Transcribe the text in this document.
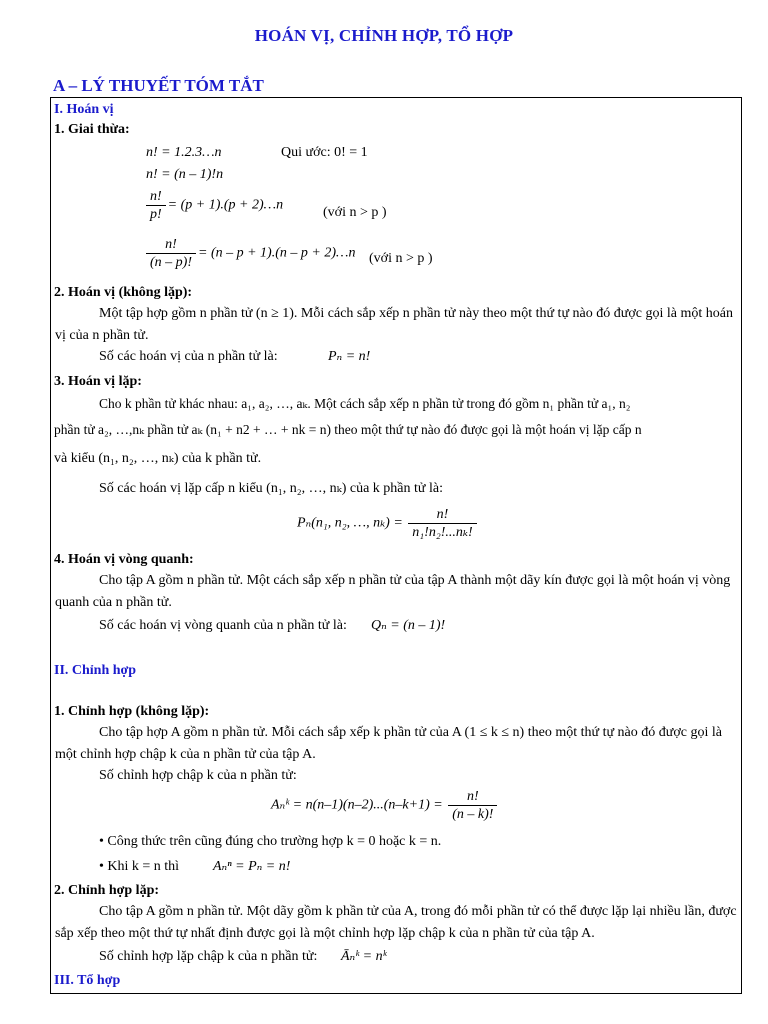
HOÁN VỊ, CHỈNH HỢP, TỔ HỢP
A – LÝ THUYẾT TÓM TẮT
I. Hoán vị
1. Giai thừa:
n! = 1.2.3…n	Qui ước: 0! = 1
n! = (n – 1)!n
$\frac{n!}{p!} = (p + 1).(p$ + 2)…n	(với n > p )
$\frac{n!}{(n - p)!} = (n - p + 1).(n - p$ + 2)…n (với n > p )
2. Hoán vị (không lặp):
Một tập hợp gồm n phần tử (n ≥ 1). Mỗi cách sắp xếp n phần tử này theo một thứ tự nào đó được gọi là một hoán vị của n phần tử.
Số các hoán vị của n phần tử là:	Pₙ = n!
3. Hoán vị lặp:
Cho k phần tử khác nhau: a₁, a₂, …, aₖ. Một cách sắp xếp n phần tử trong đó gồm n₁ phần tử a₁, n₂
phần tử a₂, …,nₖ phần tử aₖ (n₁ + n2 + … + nk = n) theo một thứ tự nào đó được gọi là một hoán vị lặp cấp n
và kiểu (n₁, n₂, …, nₖ) của k phần tử.
Số các hoán vị lặp cấp n kiểu (n₁, n₂, …, nₖ) của k phần tử là:
Pₙ(n₁, n₂, …, $n_k) = \frac{n!}{\text{n₁!n₂!...nₖ!}}$
4. Hoán vị vòng quanh:
Cho tập A gồm n phần tử. Một cách sắp xếp n phần tử của tập A thành một dãy kín được gọi là một hoán vị vòng quanh của n phần tử.
Số các hoán vị vòng quanh của n phần tử là: Qₙ = (n – 1)!
II. Chỉnh hợp
1. Chỉnh hợp (không lặp):
Cho tập hợp A gồm n phần tử. Mỗi cách sắp xếp k phần tử của A (1 ≤ k ≤ n) theo một thứ tự nào đó được gọi là một chỉnh hợp chập k của n phần tử của tập A.
Số chỉnh hợp chập k của n phần tử:
Aₙᵏ = $n(n-1)(n-2)...(n-k+1) = \frac{n!}{(n - k)!}$
• Công thức trên cũng đúng cho trường hợp k = 0 hoặc k = n.
• Khi k = n thì Aₙⁿ = Pₙ = n!
2. Chỉnh hợp lặp:
Cho tập A gồm n phần tử. Một dãy gồm k phần tử của A, trong đó mỗi phần tử có thể được lặp lại nhiều lần, được sắp xếp theo một thứ tự nhất định được gọi là một chỉnh hợp lặp chập k của n phần tử của tập A.
Số chỉnh hợp lặp chập k của n phần tử: Āₙᵏ = nᵏ
III. Tổ hợp
